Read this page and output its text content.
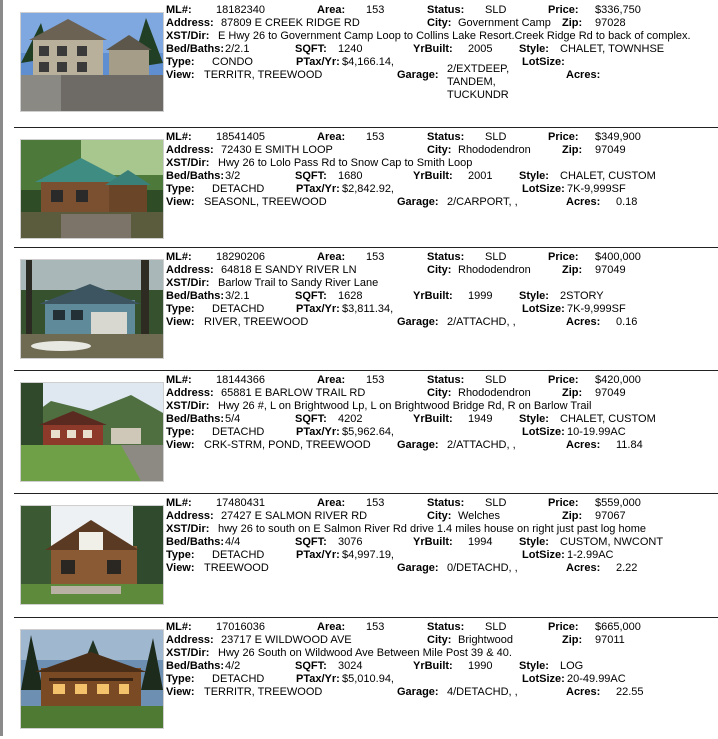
ML#: 18182340	Area: 153	Status: SLD	Price: $336,750
Address: 87809 E CREEK RIDGE RD	City: Government Camp Zip: 97028
XST/Dir: E Hwy 26 to Government Camp Loop to Collins Lake Resort.Creek Ridge Rd to back of complex.
Bed/Baths: 2/2.1	SQFT: 1240	YrBuilt: 2005 Style: CHALET, TOWNHSE
Type: CONDO	PTax/Yr: $4,166.14,	LotSize:
View: TERRITR, TREEWOOD	Garage: 2/EXTDEEP, TANDEM, TUCKUNDR
Acres:
ML#: 18541405	Area: 153	Status: SLD	Price: $349,900
Address: 72430 E SMITH LOOP	City: Rhododendron	Zip: 97049
XST/Dir: Hwy 26 to Lolo Pass Rd to Snow Cap to Smith Loop
Bed/Baths: 3/2	SQFT: 1680	YrBuilt: 2001 Style: CHALET, CUSTOM
Type: DETACHD	PTax/Yr: $2,842.92,	LotSize: 7K-9,999SF
View: SEASONL, TREEWOOD	Garage: 2/CARPORT, ,	Acres: 0.18
ML#: 18290206	Area: 153	Status: SLD	Price: $400,000
Address: 64818 E SANDY RIVER LN	City: Rhododendron	Zip: 97049
XST/Dir: Barlow Trail to Sandy River Lane
Bed/Baths: 3/2.1	SQFT: 1628	YrBuilt: 1999 Style: 2STORY
Type: DETACHD	PTax/Yr: $3,811.34,	LotSize: 7K-9,999SF
View: RIVER, TREEWOOD	Garage: 2/ATTACHD, ,	Acres: 0.16
ML#: 18144366	Area: 153	Status: SLD	Price: $420,000
Address: 65881 E BARLOW TRAIL RD	City: Rhododendron	Zip: 97049
XST/Dir: Hwy 26 #, L on Brightwood Lp, L on Brightwood Bridge Rd, R on Barlow Trail
Bed/Baths: 5/4	SQFT: 4202	YrBuilt: 1949 Style: CHALET, CUSTOM
Type: DETACHD	PTax/Yr: $5,962.64,	LotSize: 10-19.99AC
View: CRK-STRM, POND, TREEWOOD Garage: 2/ATTACHD, ,	Acres: 11.84
ML#: 17480431	Area: 153	Status: SLD	Price: $559,000
Address: 27427 E SALMON RIVER RD	City: Welches	Zip: 97067
XST/Dir: hwy 26 to south on E Salmon River Rd drive 1.4 miles house on right just past log home
Bed/Baths: 4/4	SQFT: 3076	YrBuilt: 1994 Style: CUSTOM, NWCONT
Type: DETACHD	PTax/Yr: $4,997.19,	LotSize: 1-2.99AC
View: TREEWOOD	Garage: 0/DETACHD, ,	Acres: 2.22
ML#: 17016036	Area: 153	Status: SLD	Price: $665,000
Address: 23717 E WILDWOOD AVE	City: Brightwood	Zip: 97011
XST/Dir: Hwy 26 South on Wildwood Ave Between Mile Post 39 & 40.
Bed/Baths: 4/2	SQFT: 3024	YrBuilt: 1990 Style: LOG
Type: DETACHD	PTax/Yr: $5,010.94,	LotSize: 20-49.99AC
View: TERRITR, TREEWOOD	Garage: 4/DETACHD, ,	Acres: 22.55
